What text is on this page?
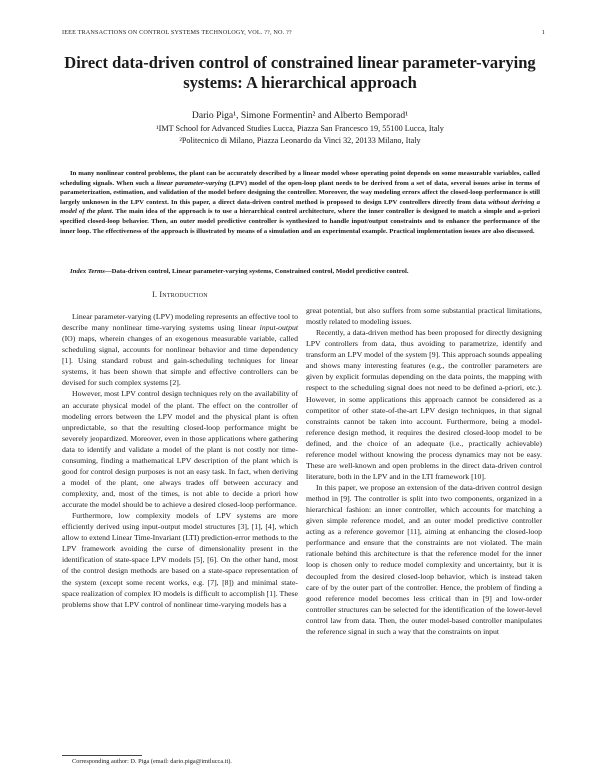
IEEE TRANSACTIONS ON CONTROL SYSTEMS TECHNOLOGY, VOL. ??, NO. ??	1
Direct data-driven control of constrained linear parameter-varying
systems: A hierarchical approach
Dario Piga¹, Simone Formentin² and Alberto Bemporad¹
¹IMT School for Advanced Studies Lucca, Piazza San Francesco 19, 55100 Lucca, Italy
²Politecnico di Milano, Piazza Leonardo da Vinci 32, 20133 Milano, Italy
In many nonlinear control problems, the plant can be accurately described by a linear model whose operating point depends on some measurable variables, called scheduling signals. When such a linear parameter-varying (LPV) model of the open-loop plant needs to be derived from a set of data, several issues arise in terms of parameterization, estimation, and validation of the model before designing the controller. Moreover, the way modeling errors affect the closed-loop performance is still largely unknown in the LPV context. In this paper, a direct data-driven control method is proposed to design LPV controllers directly from data without deriving a model of the plant. The main idea of the approach is to use a hierarchical control architecture, where the inner controller is designed to match a simple and a-priori specified closed-loop behavior. Then, an outer model predictive controller is synthesized to handle input/output constraints and to enhance the performance of the inner loop. The effectiveness of the approach is illustrated by means of a simulation and an experimental example. Practical implementation issues are also discussed.
Index Terms—Data-driven control, Linear parameter-varying systems, Constrained control, Model predictive control.
I. Introduction

Linear parameter-varying (LPV) modeling represents an effective tool to describe many nonlinear time-varying systems using linear input-output (IO) maps, wherein changes of an exogenous measurable variable, called scheduling signal, accounts for nonlinear behavior and time dependency [1]. Using standard robust and gain-scheduling techniques for linear systems, it has been shown that simple and effective controllers can be devised for such complex systems [2].

However, most LPV control design techniques rely on the availability of an accurate physical model of the plant. The effect on the controller of modeling errors between the LPV model and the physical plant is often unpredictable, so that the resulting closed-loop performance might be severely jeopardized. Moreover, even in those applications where gathering data to identify and validate a model of the plant is not costly nor time-consuming, finding a mathematical LPV description of the plant which is good for control design purposes is not an easy task. In fact, when deriving a model of the plant, one always trades off between accuracy and complexity, and, most of the times, is not able to decide a priori how accurate the model should be to achieve a desired closed-loop performance.

Furthermore, low complexity models of LPV systems are more efficiently derived using input-output model structures [3], [1], [4], which allow to extend Linear Time-Invariant (LTI) prediction-error methods to the LPV framework avoiding the curse of dimensionality present in the identification of state-space LPV models [5], [6]. On the other hand, most of the control design methods are based on a state-space representation of the system (except some recent works, e.g. [7], [8]) and minimal state-space realization of complex IO models is difficult to accomplish [1]. These problems show that LPV control of nonlinear time-varying models has a

great potential, but also suffers from some substantial practical limitations, mostly related to modeling issues.

Recently, a data-driven method has been proposed for directly designing LPV controllers from data, thus avoiding to parametrize, identify and transform an LPV model of the system [9]. This approach sounds appealing and shows many interesting features (e.g., the controller parameters are given by explicit formulas depending on the data points, the mapping with respect to the scheduling signal does not need to be defined a-priori, etc.). However, in some applications this approach cannot be considered as a competitor of other state-of-the-art LPV design techniques, in that signal constraints cannot be taken into account. Furthermore, being a model-reference design method, it requires the desired closed-loop model to be defined, and the choice of an adequate (i.e., practically achievable) reference model without knowing the process dynamics may not be easy. These are well-known and open problems in the direct data-driven control literature, both in the LPV and in the LTI framework [10].

In this paper, we propose an extension of the data-driven control design method in [9]. The controller is split into two components, organized in a hierarchical fashion: an inner controller, which accounts for matching a given simple reference model, and an outer model predictive controller acting as a reference governor [11], aiming at enhancing the closed-loop performance and ensure that the constraints are not violated. The main rationale behind this architecture is that the reference model for the inner loop is chosen only to reduce model complexity and uncertainty, but it is decoupled from the desired closed-loop behavior, which is instead taken care of by the outer part of the controller. Hence, the problem of finding a good reference model becomes less critical than in [9] and low-order controller structures can be selected for the identification of the lower-level control law from data. Then, the outer model-based controller manipulates the reference signal in such a way that the constraints on input

Corresponding author: D. Piga (email: dario.piga@imtlucca.it).
